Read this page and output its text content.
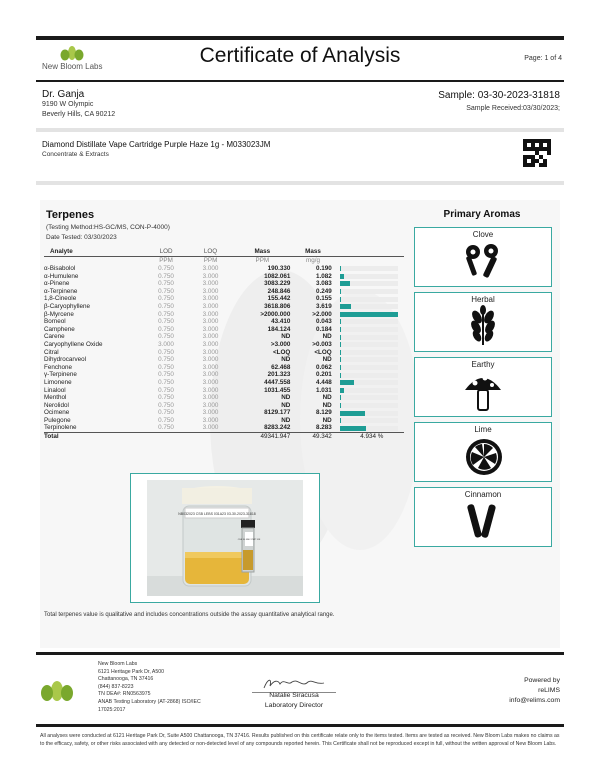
New Bloom Labs	Certificate of Analysis	Page: 1 of 4
Dr. Ganja
9190 W Olympic
Beverly Hills, CA 90212
Sample: 03-30-2023-31818
Sample Received:03/30/2023;
Diamond Distillate Vape Cartridge Purple Haze 1g - M033023JM
Concentrate & Extracts
Terpenes
(Testing Method:HS-GC/MS, CON-P-4000)
Date Tested: 03/30/2023
Analyte	LOD	LOQ	Mass	Mass	
	PPM	PPM	PPM	mg/g	
α-Bisabolol	0.750	3.000	190.330	0.190	

α-Humulene	0.750	3.000	1082.061	1.082	

α-Pinene	0.750	3.000	3083.229	3.083	

α-Terpinene	0.750	3.000	248.846	0.249	

1,8-Cineole	0.750	3.000	155.442	0.155	

β-Caryophyllene	0.750	3.000	3618.806	3.619	

β-Myrcene	0.750	3.000	>2000.000	>2.000	

Borneol	0.750	3.000	43.410	0.043	

Camphene	0.750	3.000	184.124	0.184	

Carene	0.750	3.000	ND	ND	

Caryophyllene Oxide	3.000	3.000	>3.000	>0.003	

Citral	0.750	3.000	<LOQ	<LOQ	

Dihydrocarveol	0.750	3.000	ND	ND	

Fenchone	0.750	3.000	62.468	0.062	

γ-Terpinene	0.750	3.000	201.323	0.201	

Limonene	0.750	3.000	4447.558	4.448	

Linalool	0.750	3.000	1031.455	1.031	

Menthol	0.750	3.000	ND	ND	

Nerolidol	0.750	3.000	ND	ND	

Ocimene	0.750	3.000	8129.177	8.129	

Pulegone	0.750	3.000	ND	ND	

Terpinolene	0.750	3.000	8283.242	8.283	

Total			49341.947	49.342	4.934 %
Primary Aromas
Clove
Herbal
Earthy
Lime
Cinnamon
NB032023 CSB LEBS 031A23 03-30-2023-31818
CSB 30 SMC PMP 318
Total terpenes value is qualitative and includes concentrations outside the assay quantitative analytical range.
New Bloom Labs
6121 Heritage Park Dr, A500
Chattanooga, TN 37416
(844) 837-8223
TN DEA#: RN0563975
ANAB Testing Laboratory (AT-2868) ISO/IEC
17025:2017
Natalie Siracusa
Laboratory Director
Powered by
reLIMS
info@relims.com
All analyses were conducted at 6121 Heritage Park Dr, Suite A500 Chattanooga, TN 37416. Results published on this certificate relate only to the items tested. Items are tested as received. New Bloom Labs makes no claims as to the efficacy, safety, or other risks associated with any detected or non-detected level of any compounds reported herein. This Certificate shall not be reproduced except in full, without the written approval of New Bloom Labs.
